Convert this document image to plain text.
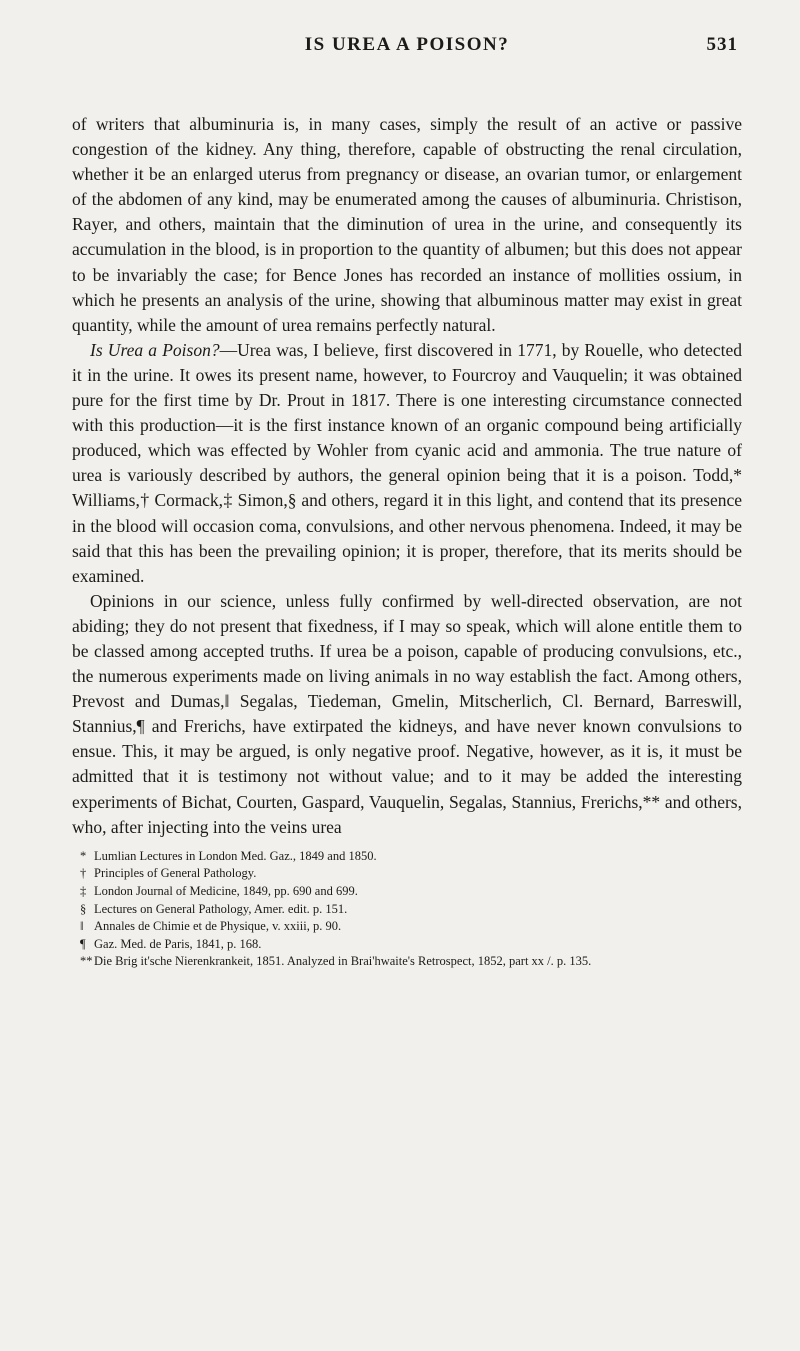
IS UREA A POISON?	531

of writers that albuminuria is, in many cases, simply the result of an active or passive congestion of the kidney. Any thing, therefore, capable of obstructing the renal circulation, whether it be an enlarged uterus from pregnancy or disease, an ovarian tumor, or enlargement of the abdomen of any kind, may be enumerated among the causes of albuminuria. Christison, Rayer, and others, maintain that the diminution of urea in the urine, and consequently its accumulation in the blood, is in proportion to the quantity of albumen; but this does not appear to be invariably the case; for Bence Jones has recorded an instance of mollities ossium, in which he presents an analysis of the urine, showing that albuminous matter may exist in great quantity, while the amount of urea remains perfectly natural.

Is Urea a Poison?—Urea was, I believe, first discovered in 1771, by Rouelle, who detected it in the urine. It owes its present name, however, to Fourcroy and Vauquelin; it was obtained pure for the first time by Dr. Prout in 1817. There is one interesting circumstance connected with this production—it is the first instance known of an organic compound being artificially produced, which was effected by Wohler from cyanic acid and ammonia. The true nature of urea is variously described by authors, the general opinion being that it is a poison. Todd,* Williams,† Cormack,‡ Simon,§ and others, regard it in this light, and contend that its presence in the blood will occasion coma, convulsions, and other nervous phenomena. Indeed, it may be said that this has been the prevailing opinion; it is proper, therefore, that its merits should be examined.

Opinions in our science, unless fully confirmed by well-directed observation, are not abiding; they do not present that fixedness, if I may so speak, which will alone entitle them to be classed among accepted truths. If urea be a poison, capable of producing convulsions, etc., the numerous experiments made on living animals in no way establish the fact. Among others, Prevost and Dumas,‖ Segalas, Tiedeman, Gmelin, Mitscherlich, Cl. Bernard, Barreswill, Stannius,¶ and Frerichs, have extirpated the kidneys, and have never known convulsions to ensue. This, it may be argued, is only negative proof. Negative, however, as it is, it must be admitted that it is testimony not without value; and to it may be added the interesting experiments of Bichat, Courten, Gaspard, Vauquelin, Segalas, Stannius, Frerichs,** and others, who, after injecting into the veins urea

* Lumlian Lectures in London Med. Gaz., 1849 and 1850.

† Principles of General Pathology.

‡ London Journal of Medicine, 1849, pp. 690 and 699.

§ Lectures on General Pathology, Amer. edit. p. 151.

‖ Annales de Chimie et de Physique, v. xxiii, p. 90.

¶ Gaz. Med. de Paris, 1841, p. 168.

** Die Brig it'sche Nierenkrankeit, 1851. Analyzed in Brai'hwaite's Retrospect, 1852, part xx /. p. 135.
